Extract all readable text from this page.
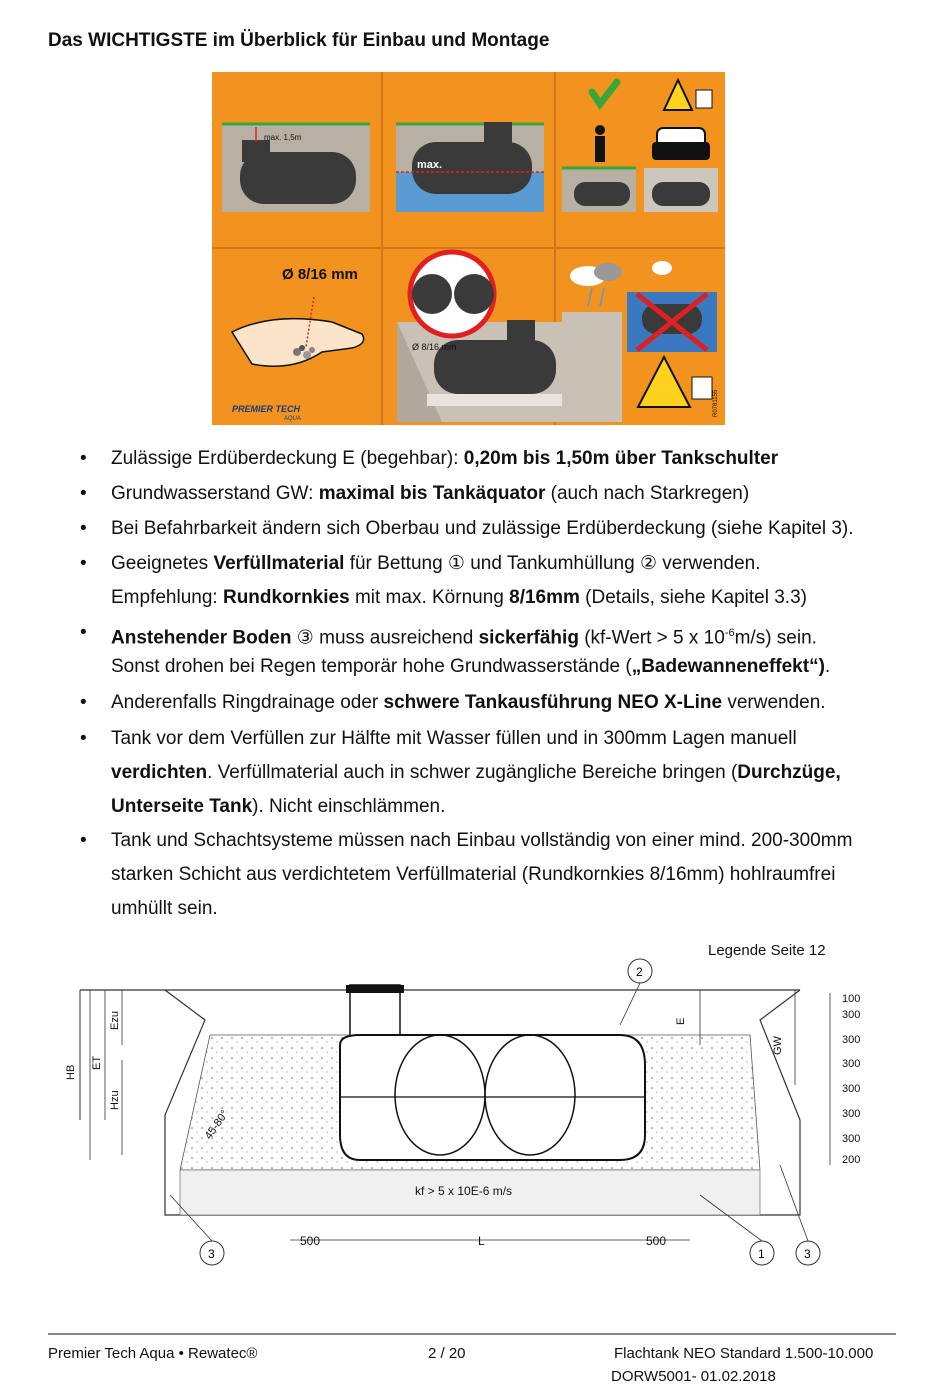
Das WICHTIGSTE im Überblick für Einbau und Montage
max. 1,5m
max.
Ø 8/16 mm
PREMIER TECH
AQUA
Ø 8/16 mm
R0781155
• Zulässige Erdüberdeckung E (begehbar): 0,20m bis 1,50m über Tankschulter
• Grundwasserstand GW: maximal bis Tankäquator (auch nach Starkregen)
• Bei Befahrbarkeit ändern sich Oberbau und zulässige Erdüberdeckung (siehe Kapitel 3).
• Geeignetes Verfüllmaterial für Bettung ① und Tankumhüllung ② verwenden.
Empfehlung: Rundkornkies mit max. Körnung 8/16mm (Details, siehe Kapitel 3.3)
• Anstehender Boden ③ muss ausreichend sickerfähig (kf-Wert > 5 x $10^{-6}m/s$) sein.
Sonst drohen bei Regen temporär hohe Grundwasserstände („Badewanneneffekt“).
• Anderenfalls Ringdrainage oder schwere Tankausführung NEO X-Line verwenden.
• Tank vor dem Verfüllen zur Hälfte mit Wasser füllen und in 300mm Lagen manuell
verdichten. Verfüllmaterial auch in schwer zugängliche Bereiche bringen (Durchzüge,
Unterseite Tank). Nicht einschlämmen.
• Tank und Schachtsysteme müssen nach Einbau vollständig von einer mind. 200-300mm
starken Schicht aus verdichtetem Verfüllmaterial (Rundkornkies 8/16mm) hohlraumfrei
umhüllt sein.
Legende Seite 12
HB
ET
Ezu
Hzu
45-80°
E
GW
100
300
300
300
300
300
300
200
kf > 5 x 10E-6 m/s
500	L	500
2
3	1	3
Premier Tech Aqua • Rewatec®	2 / 20	Flachtank NEO Standard 1.500-10.000
DORW5001- 01.02.2018
